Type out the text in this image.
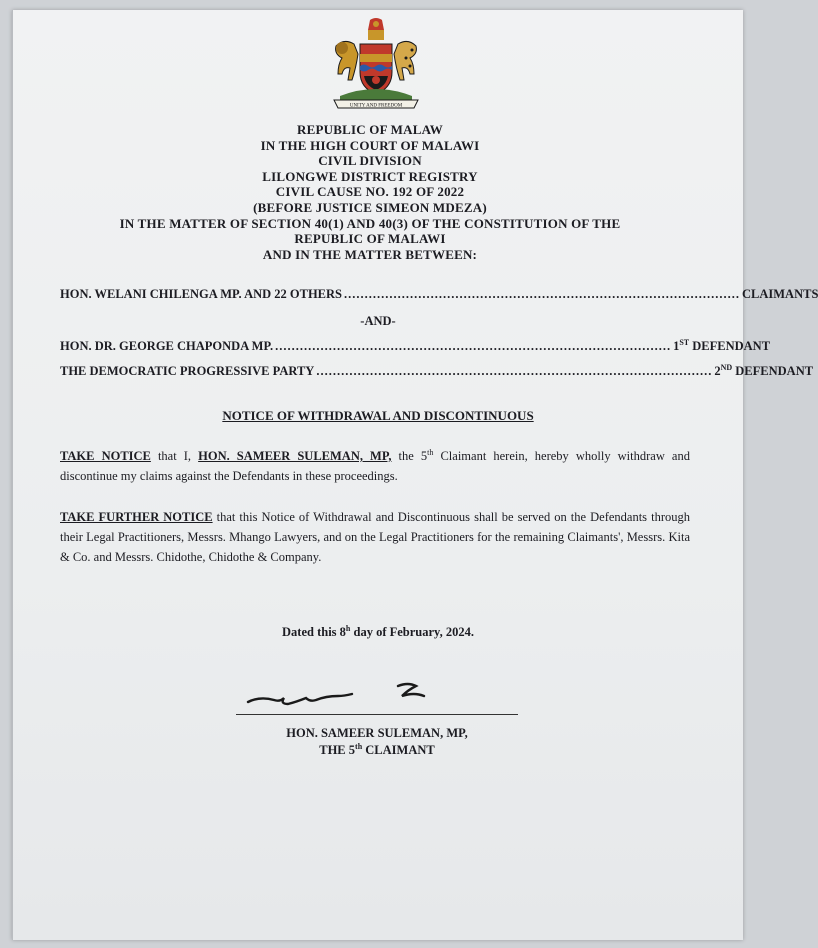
UNITY AND FREEDOM
REPUBLIC OF MALAW
IN THE HIGH COURT OF MALAWI
CIVIL DIVISION
LILONGWE DISTRICT REGISTRY
CIVIL CAUSE NO. 192 OF 2022
(BEFORE JUSTICE SIMEON MDEZA)
IN THE MATTER OF SECTION 40(1) AND 40(3) OF THE CONSTITUTION OF THE
REPUBLIC OF MALAWI
AND IN THE MATTER BETWEEN:
HON. WELANI CHILENGA MP. AND 22 OTHERS ................................................................................................ CLAIMANTS
-AND-
HON. DR. GEORGE CHAPONDA MP. ................................................................................................ 1ST DEFENDANT
THE DEMOCRATIC PROGRESSIVE PARTY ................................................................................................ 2ND DEFENDANT
NOTICE OF WITHDRAWAL AND DISCONTINUOUS
TAKE NOTICE that I, HON. SAMEER SULEMAN, MP, the 5th Claimant herein, hereby wholly withdraw and discontinue my claims against the Defendants in these proceedings.
TAKE FURTHER NOTICE that this Notice of Withdrawal and Discontinuous shall be served on the Defendants through their Legal Practitioners, Messrs. Mhango Lawyers, and on the Legal Practitioners for the remaining Claimants', Messrs. Kita & Co. and Messrs. Chidothe, Chidothe & Company.
Dated this 8$^h$ day of February, 2024.
HON. SAMEER SULEMAN, MP,
THE 5th CLAIMANT
